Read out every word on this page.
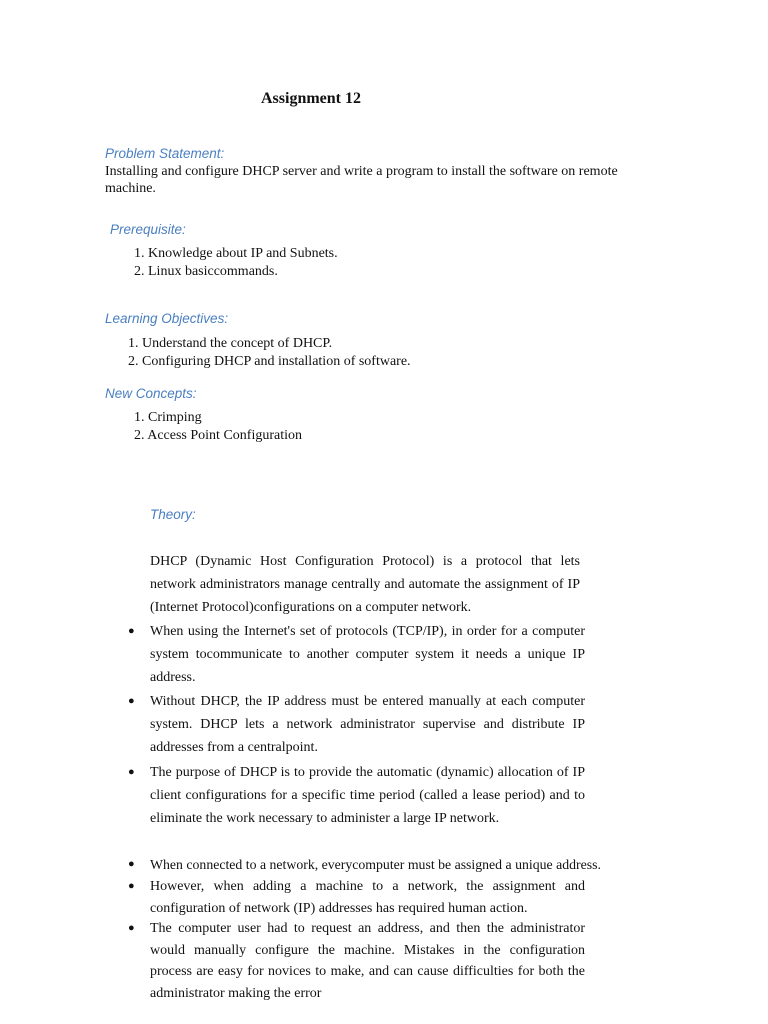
Assignment 12

Problem Statement:

Installing and configure DHCP server and write a program to install the software on remote machine.

Prerequisite:

1. Knowledge about IP and Subnets.
2. Linux basiccommands.

Learning Objectives:

1. Understand the concept of DHCP.
2. Configuring DHCP and installation of software.

New Concepts:

1. Crimping
2. Access Point Configuration

Theory:

DHCP (Dynamic Host Configuration Protocol) is a protocol that lets network administrators manage centrally and automate the assignment of IP (Internet Protocol)configurations on a computer network.

● When using the Internet's set of protocols (TCP/IP), in order for a computer system tocommunicate to another computer system it needs a unique IP address.
● Without DHCP, the IP address must be entered manually at each computer system. DHCP lets a network administrator supervise and distribute IP addresses from a centralpoint.
● The purpose of DHCP is to provide the automatic (dynamic) allocation of IP client configurations for a specific time period (called a lease period) and to eliminate the work necessary to administer a large IP network.
● When connected to a network, everycomputer must be assigned a unique address.
● However, when adding a machine to a network, the assignment and configuration of network (IP) addresses has required human action.
● The computer user had to request an address, and then the administrator would manually configure the machine. Mistakes in the configuration process are easy for novices to make, and can cause difficulties for both the administrator making the error
